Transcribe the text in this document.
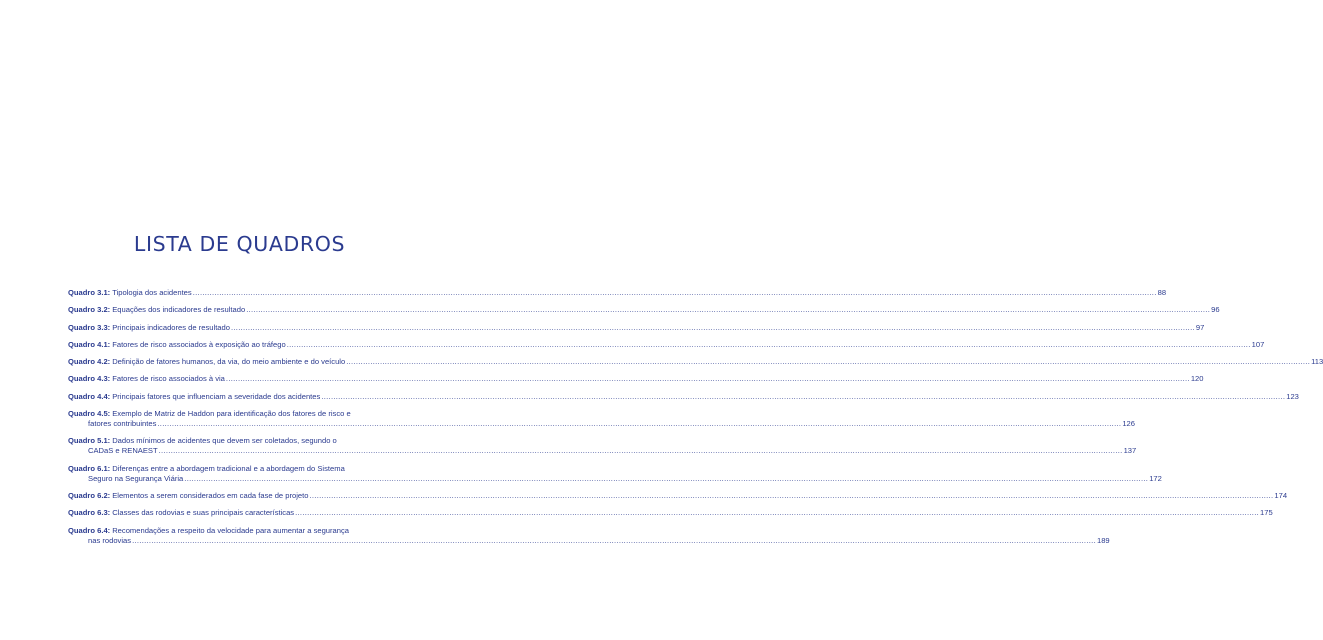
LISTA DE QUADROS
Quadro 3.1: Tipologia dos acidentes ................................................................................................................................................................................................................................................................................................................................................................................................................ 88
Quadro 3.2: Equações dos indicadores de resultado ................................................................................................................................................................................................................................................................................................................................................................................................................ 96
Quadro 3.3: Principais indicadores de resultado ................................................................................................................................................................................................................................................................................................................................................................................................................ 97
Quadro 4.1: Fatores de risco associados à exposição ao tráfego ................................................................................................................................................................................................................................................................................................................................................................................................................ 107
Quadro 4.2: Definição de fatores humanos, da via, do meio ambiente e do veículo ................................................................................................................................................................................................................................................................................................................................................................................................................ 113
Quadro 4.3: Fatores de risco associados à via ................................................................................................................................................................................................................................................................................................................................................................................................................ 120
Quadro 4.4: Principais fatores que influenciam a severidade dos acidentes ................................................................................................................................................................................................................................................................................................................................................................................................................ 123
Quadro 4.5: Exemplo de Matriz de Haddon para identificação dos fatores de risco e
fatores contribuintes ................................................................................................................................................................................................................................................................................................................................................................................................................ 126
Quadro 5.1: Dados mínimos de acidentes que devem ser coletados, segundo o
CADaS e RENAEST ................................................................................................................................................................................................................................................................................................................................................................................................................ 137
Quadro 6.1: Diferenças entre a abordagem tradicional e a abordagem do Sistema
Seguro na Segurança Viária ................................................................................................................................................................................................................................................................................................................................................................................................................ 172
Quadro 6.2: Elementos a serem considerados em cada fase de projeto ................................................................................................................................................................................................................................................................................................................................................................................................................ 174
Quadro 6.3: Classes das rodovias e suas principais características ................................................................................................................................................................................................................................................................................................................................................................................................................ 175
Quadro 6.4: Recomendações a respeito da velocidade para aumentar a segurança
nas rodovias ................................................................................................................................................................................................................................................................................................................................................................................................................ 189
